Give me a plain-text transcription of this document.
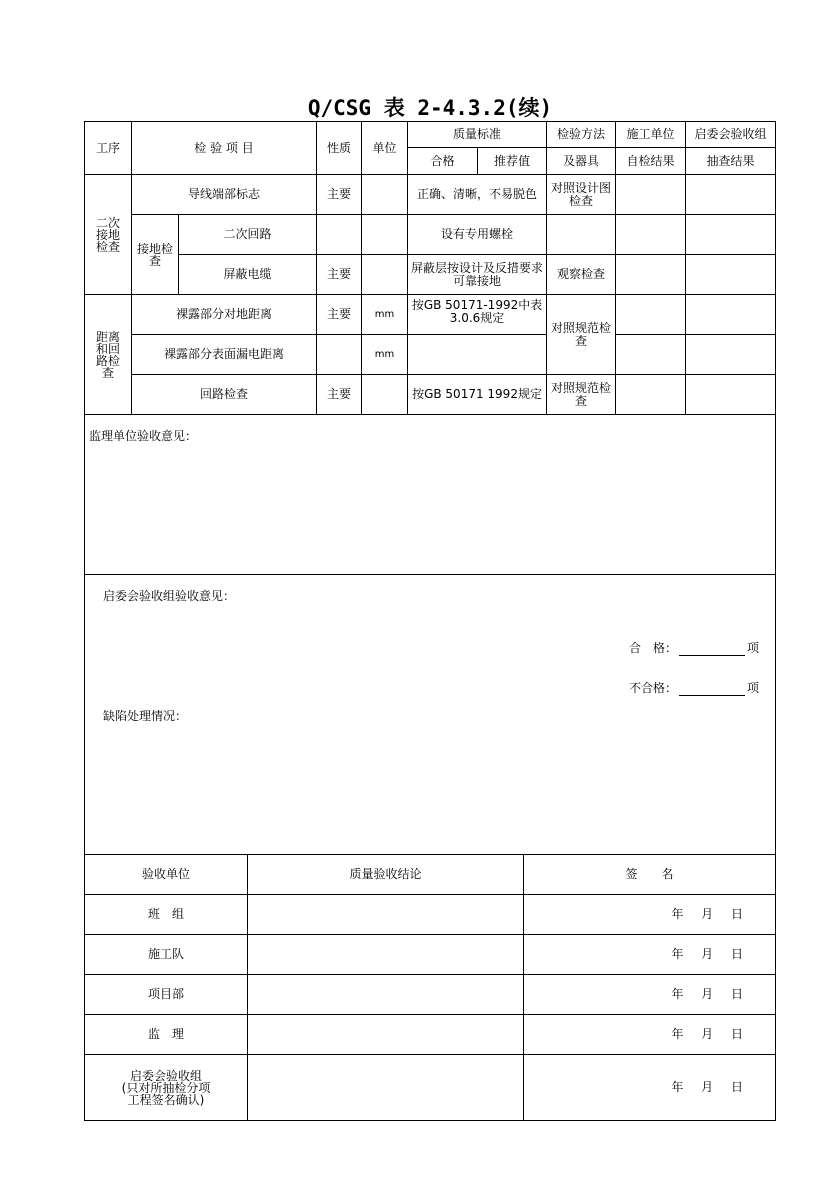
Q/CSG 表 2-4.3.2(续)
工序	检 验 项 目		性质	单位	质量标准		检验方法	施工单位	启委会验收组
					合格	推荐值	及器具	自检结果	抽查结果
二次接地检查	导线端部标志		主要		正确、清晰，不易脱色		对照设计图检查		
	接地检查	二次回路			设有专用螺栓				
		屏蔽电缆	主要		屏蔽层按设计及反措要求可靠接地		观察检查		
距离和回路检查	裸露部分对地距离		主要	mm	按GB 50171-1992中表3.0.6规定		对照规范检查		
	裸露部分表面漏电距离			mm					
	回路检查		主要		按GB 50171 1992规定		对照规范检查		
监理单位验收意见：
启委会验收组验收意见：
合　格：	项
不合格：	项
缺陷处理情况：
验收单位	质量验收结论	签　　名
班　组		年 月 日
施工队		年 月 日
项目部		年 月 日
监　理		年 月 日
启委会验收组
(只对所抽检分项
工程签名确认)		年 月 日
